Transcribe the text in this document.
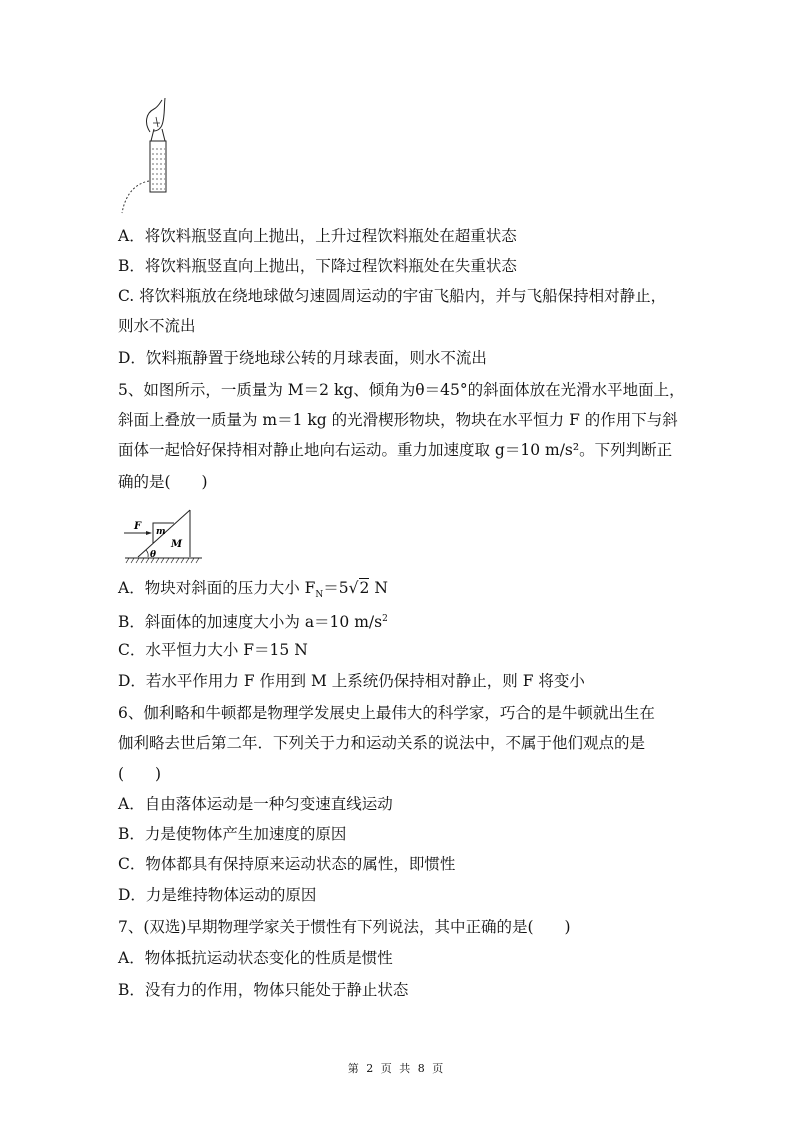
A．将饮料瓶竖直向上抛出，上升过程饮料瓶处在超重状态
B．将饮料瓶竖直向上抛出，下降过程饮料瓶处在失重状态
C. 将饮料瓶放在绕地球做匀速圆周运动的宇宙飞船内，并与飞船保持相对静止，
则水不流出
D．饮料瓶静置于绕地球公转的月球表面，则水不流出
5、如图所示，一质量为 M＝2 kg、倾角为θ＝45°的斜面体放在光滑水平地面上，
斜面上叠放一质量为 m＝1 kg 的光滑楔形物块，物块在水平恒力 F 的作用下与斜
面体一起恰好保持相对静止地向右运动。重力加速度取 g＝10 m/s²。下列判断正
确的是(　　)
F m
M
θ
A．物块对斜面的压力大小 $F_N=5√2$ N
B．斜面体的加速度大小为 a＝10 $m/s^2$
C．水平恒力大小 F＝15 N
D．若水平作用力 F 作用到 M 上系统仍保持相对静止，则 F 将变小
6、伽利略和牛顿都是物理学发展史上最伟大的科学家，巧合的是牛顿就出生在
伽利略去世后第二年．下列关于力和运动关系的说法中，不属于他们观点的是
(　　)
A．自由落体运动是一种匀变速直线运动
B．力是使物体产生加速度的原因
C．物体都具有保持原来运动状态的属性，即惯性
D．力是维持物体运动的原因
7、(双选)早期物理学家关于惯性有下列说法，其中正确的是(　　)
A．物体抵抗运动状态变化的性质是惯性
B．没有力的作用，物体只能处于静止状态
第 2 页 共 8 页
